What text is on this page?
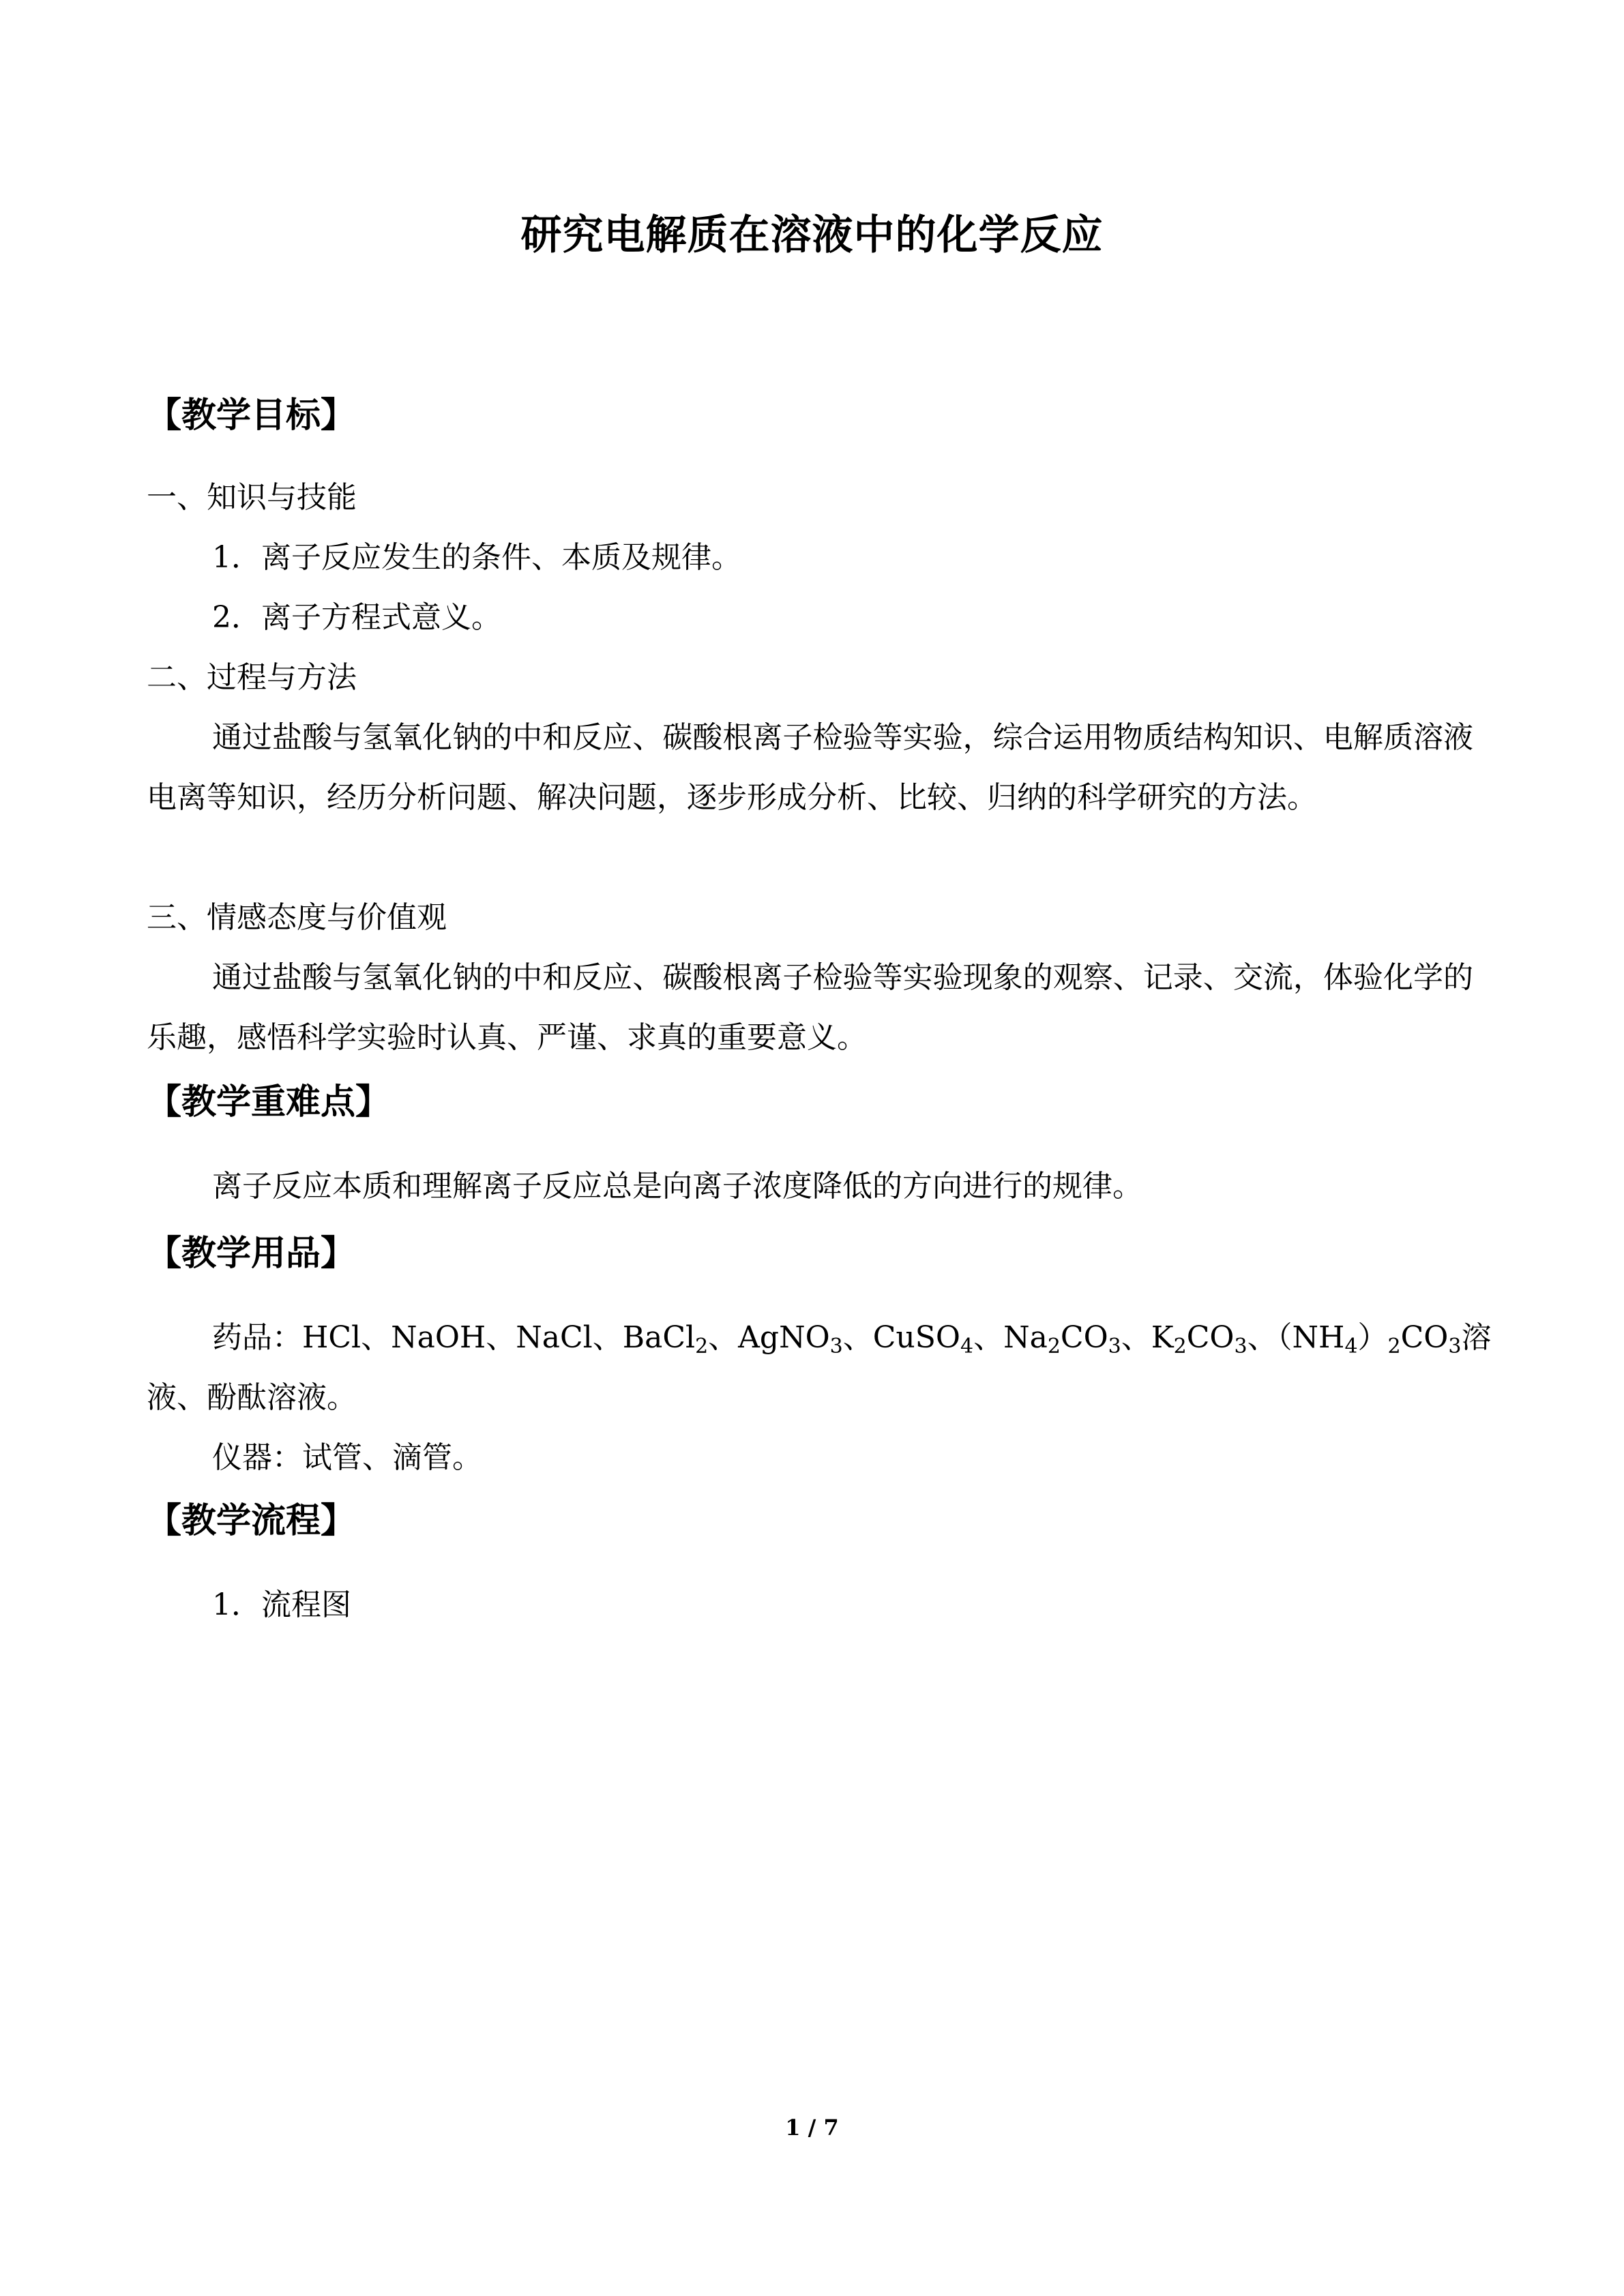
研究电解质在溶液中的化学反应
【教学目标】
一、知识与技能
1．离子反应发生的条件、本质及规律。
2．离子方程式意义。
二、过程与方法

通过盐酸与氢氧化钠的中和反应、碳酸根离子检验等实验，综合运用物质结构知识、电解质溶液电离等知识，经历分析问题、解决问题，逐步形成分析、比较、归纳的科学研究的方法。

三、情感态度与价值观

通过盐酸与氢氧化钠的中和反应、碳酸根离子检验等实验现象的观察、记录、交流，体验化学的乐趣，感悟科学实验时认真、严谨、求真的重要意义。

【教学重难点】
离子反应本质和理解离子反应总是向离子浓度降低的方向进行的规律。
【教学用品】
药品：HCl、NaOH、NaCl、BaCl$_2$、AgNO$_3$、CuSO$_4$、$Na_2CO_3$、$K_2CO_3$、$(NH_4)_2CO_3$溶
液、酚酞溶液。
仪器：试管、滴管。
【教学流程】
1．流程图
1 / 7
